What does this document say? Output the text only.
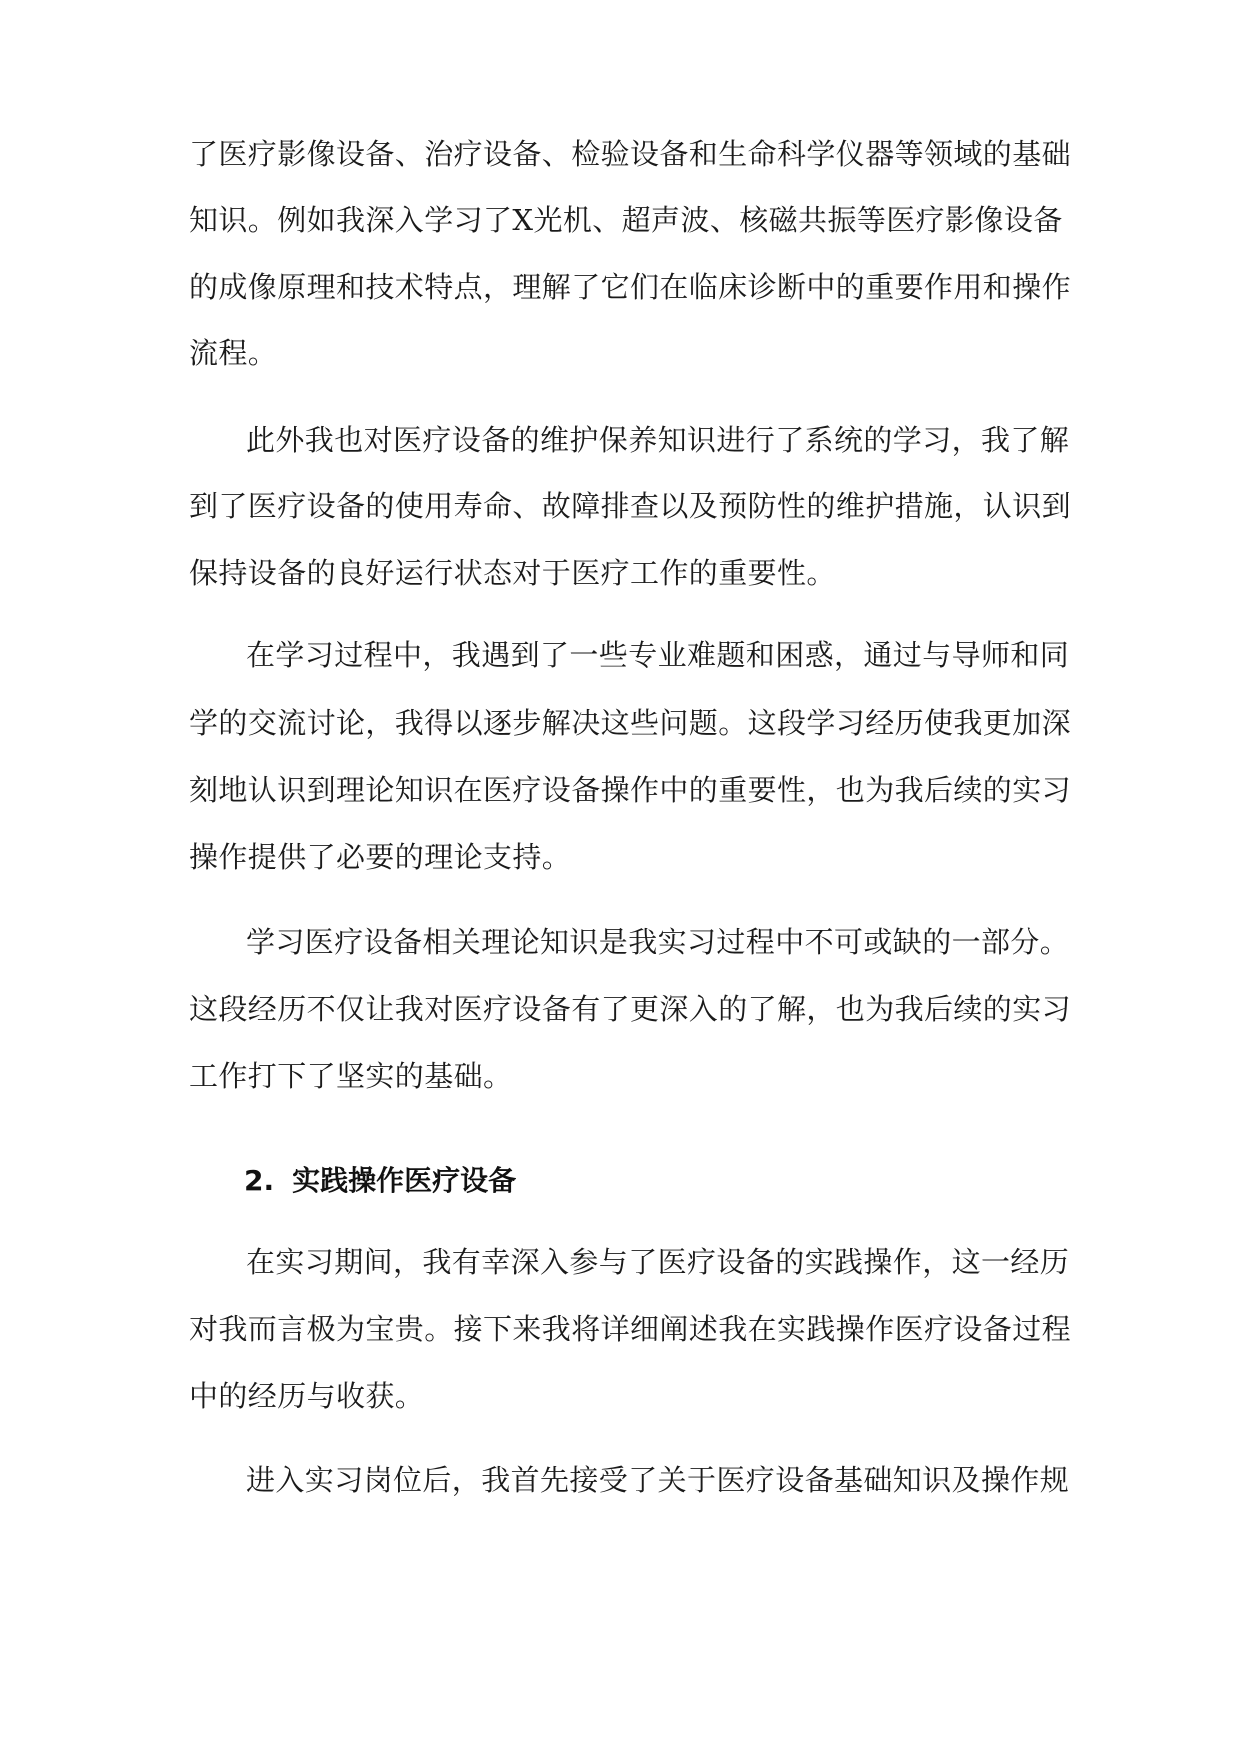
了医疗影像设备、治疗设备、检验设备和生命科学仪器等领域的基础

知识。例如我深入学习了X光机、超声波、核磁共振等医疗影像设备

的成像原理和技术特点，理解了它们在临床诊断中的重要作用和操作

流程。

此外我也对医疗设备的维护保养知识进行了系统的学习，我了解

到了医疗设备的使用寿命、故障排查以及预防性的维护措施，认识到

保持设备的良好运行状态对于医疗工作的重要性。

在学习过程中，我遇到了一些专业难题和困惑，通过与导师和同

学的交流讨论，我得以逐步解决这些问题。这段学习经历使我更加深

刻地认识到理论知识在医疗设备操作中的重要性，也为我后续的实习

操作提供了必要的理论支持。

学习医疗设备相关理论知识是我实习过程中不可或缺的一部分。

这段经历不仅让我对医疗设备有了更深入的了解，也为我后续的实习

工作打下了坚实的基础。

2. 实践操作医疗设备

在实习期间，我有幸深入参与了医疗设备的实践操作，这一经历

对我而言极为宝贵。接下来我将详细阐述我在实践操作医疗设备过程

中的经历与收获。

进入实习岗位后，我首先接受了关于医疗设备基础知识及操作规
